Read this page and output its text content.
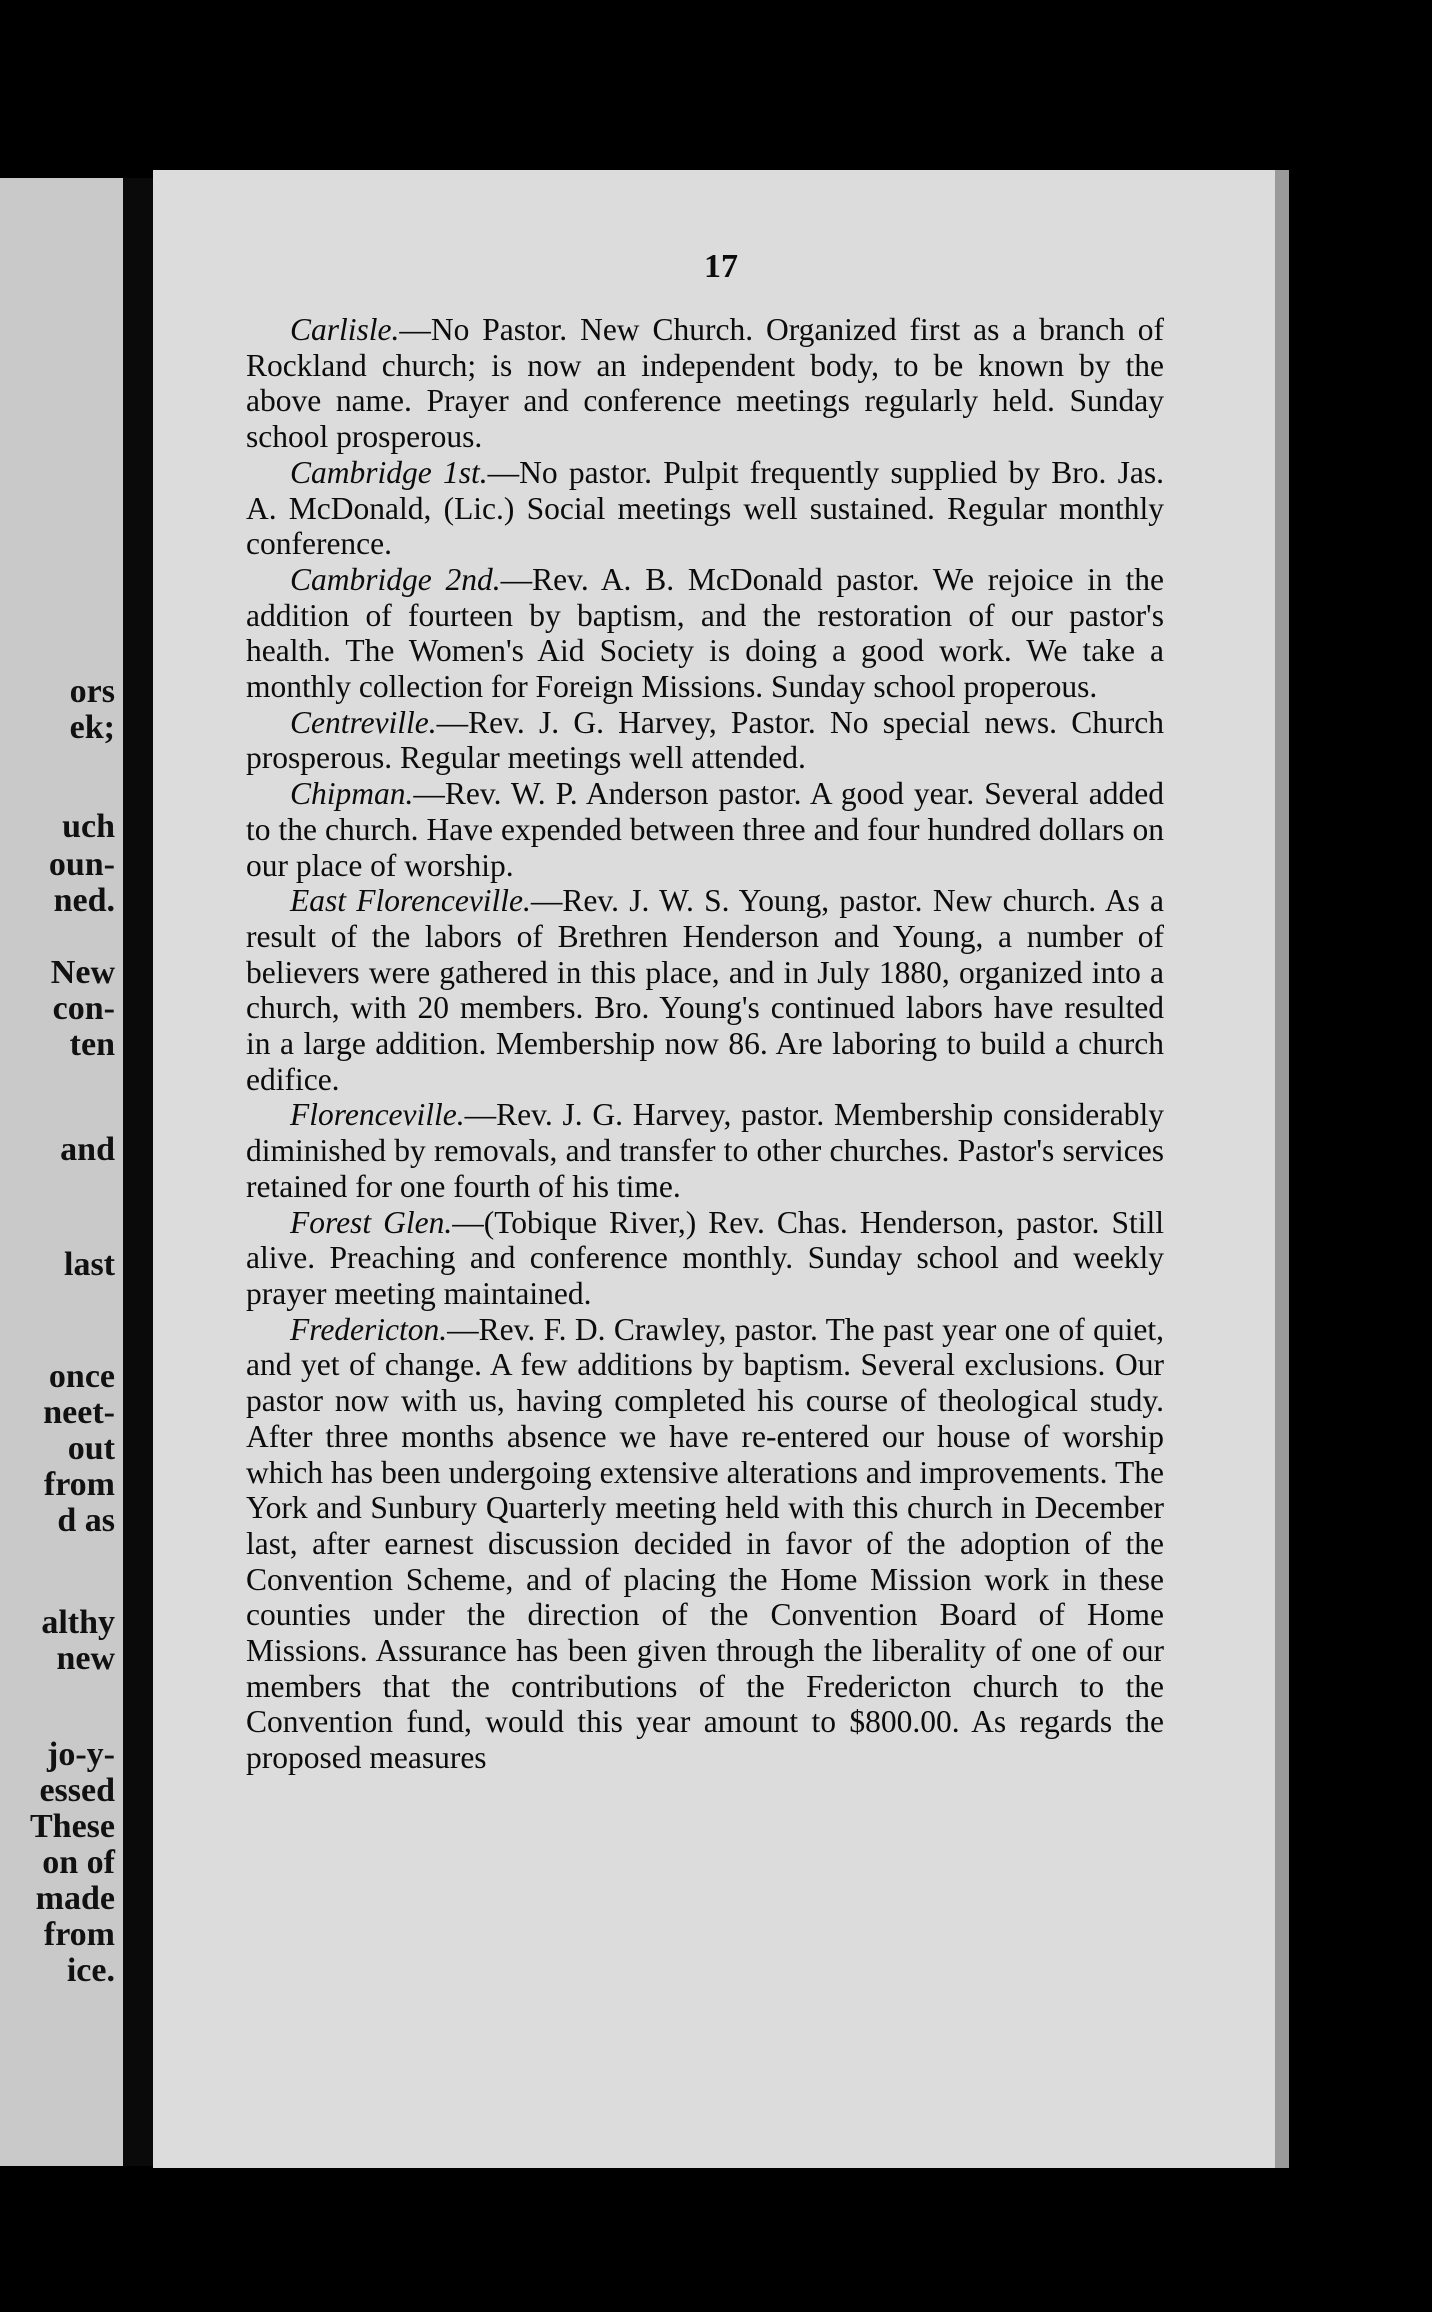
ors
ek;
uch
oun-
ned.
New
con-
ten
and
last
once
neet-
out
from
d as
althy
new
jo-y-
essed
These
on of
made
from
ice.
17

Carlisle.—No Pastor. New Church. Organized first as a branch of Rockland church; is now an independent body, to be known by the above name. Prayer and conference meetings regularly held. Sunday school prosperous.

Cambridge 1st.—No pastor. Pulpit frequently supplied by Bro. Jas. A. McDonald, (Lic.) Social meetings well sustained. Regular monthly conference.

Cambridge 2nd.—Rev. A. B. McDonald pastor. We rejoice in the addition of fourteen by baptism, and the restoration of our pastor's health. The Women's Aid Society is doing a good work. We take a monthly collection for Foreign Missions. Sunday school properous.

Centreville.—Rev. J. G. Harvey, Pastor. No special news. Church prosperous. Regular meetings well attended.

Chipman.—Rev. W. P. Anderson pastor. A good year. Several added to the church. Have expended between three and four hundred dollars on our place of worship.

East Florenceville.—Rev. J. W. S. Young, pastor. New church. As a result of the labors of Brethren Henderson and Young, a number of believers were gathered in this place, and in July 1880, organized into a church, with 20 members. Bro. Young's continued labors have resulted in a large addition. Membership now 86. Are laboring to build a church edifice.

Florenceville.—Rev. J. G. Harvey, pastor. Membership considerably diminished by removals, and transfer to other churches. Pastor's services retained for one fourth of his time.

Forest Glen.—(Tobique River,) Rev. Chas. Henderson, pastor. Still alive. Preaching and conference monthly. Sunday school and weekly prayer meeting maintained.

Fredericton.—Rev. F. D. Crawley, pastor. The past year one of quiet, and yet of change. A few additions by baptism. Several exclusions. Our pastor now with us, having completed his course of theological study. After three months absence we have re-entered our house of worship which has been undergoing extensive alterations and improvements. The York and Sunbury Quarterly meeting held with this church in December last, after earnest discussion decided in favor of the adoption of the Convention Scheme, and of placing the Home Mission work in these counties under the direction of the Convention Board of Home Missions. Assurance has been given through the liberality of one of our members that the contributions of the Fredericton church to the Convention fund, would this year amount to $800.00. As regards the proposed measures
